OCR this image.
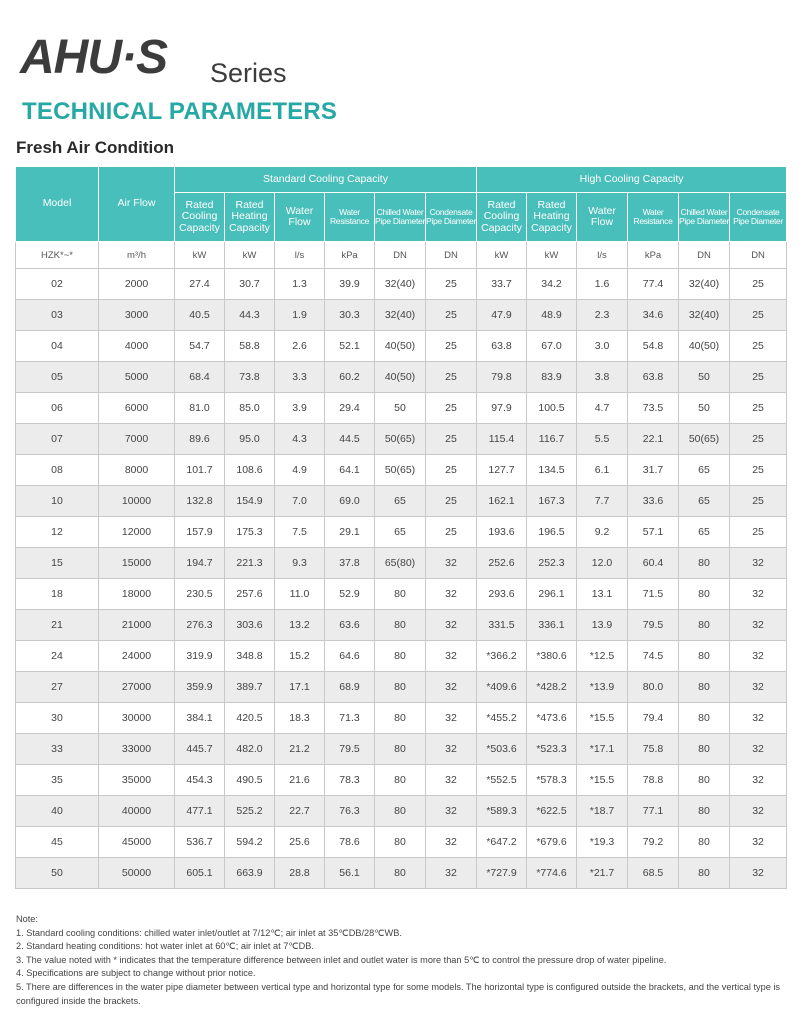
AHU·S Series
TECHNICAL PARAMETERS
Fresh Air Condition
Model	Air Flow	Standard Cooling Capacity						High Cooling Capacity					
		Rated Cooling Capacity	Rated Heating Capacity	Water Flow	Water Resistance	Chilled Water Pipe Diameter	Condensate Pipe Diameter	Rated Cooling Capacity	Rated Heating Capacity	Water Flow	Water Resistance	Chilled Water Pipe Diameter	Condensate Pipe Diameter
HZK*~*	m³/h	kW	kW	l/s	kPa	DN	DN	kW	kW	l/s	kPa	DN	DN
02	2000	27.4	30.7	1.3	39.9	32(40)	25	33.7	34.2	1.6	77.4	32(40)	25
03	3000	40.5	44.3	1.9	30.3	32(40)	25	47.9	48.9	2.3	34.6	32(40)	25
04	4000	54.7	58.8	2.6	52.1	40(50)	25	63.8	67.0	3.0	54.8	40(50)	25
05	5000	68.4	73.8	3.3	60.2	40(50)	25	79.8	83.9	3.8	63.8	50	25
06	6000	81.0	85.0	3.9	29.4	50	25	97.9	100.5	4.7	73.5	50	25
07	7000	89.6	95.0	4.3	44.5	50(65)	25	115.4	116.7	5.5	22.1	50(65)	25
08	8000	101.7	108.6	4.9	64.1	50(65)	25	127.7	134.5	6.1	31.7	65	25
10	10000	132.8	154.9	7.0	69.0	65	25	162.1	167.3	7.7	33.6	65	25
12	12000	157.9	175.3	7.5	29.1	65	25	193.6	196.5	9.2	57.1	65	25
15	15000	194.7	221.3	9.3	37.8	65(80)	32	252.6	252.3	12.0	60.4	80	32
18	18000	230.5	257.6	11.0	52.9	80	32	293.6	296.1	13.1	71.5	80	32
21	21000	276.3	303.6	13.2	63.6	80	32	331.5	336.1	13.9	79.5	80	32
24	24000	319.9	348.8	15.2	64.6	80	32	*366.2	*380.6	*12.5	74.5	80	32
27	27000	359.9	389.7	17.1	68.9	80	32	*409.6	*428.2	*13.9	80.0	80	32
30	30000	384.1	420.5	18.3	71.3	80	32	*455.2	*473.6	*15.5	79.4	80	32
33	33000	445.7	482.0	21.2	79.5	80	32	*503.6	*523.3	*17.1	75.8	80	32
35	35000	454.3	490.5	21.6	78.3	80	32	*552.5	*578.3	*15.5	78.8	80	32
40	40000	477.1	525.2	22.7	76.3	80	32	*589.3	*622.5	*18.7	77.1	80	32
45	45000	536.7	594.2	25.6	78.6	80	32	*647.2	*679.6	*19.3	79.2	80	32
50	50000	605.1	663.9	28.8	56.1	80	32	*727.9	*774.6	*21.7	68.5	80	32
Note:
1. Standard cooling conditions: chilled water inlet/outlet at 7/12℃; air inlet at 35℃DB/28℃WB.
2. Standard heating conditions: hot water inlet at 60℃; air inlet at 7℃DB.
3. The value noted with * indicates that the temperature difference between inlet and outlet water is more than 5℃ to control the pressure drop of water pipeline.
4. Specifications are subject to change without prior notice.
5. There are differences in the water pipe diameter between vertical type and horizontal type for some models. The horizontal type is configured outside the brackets, and the vertical type is configured inside the brackets.
